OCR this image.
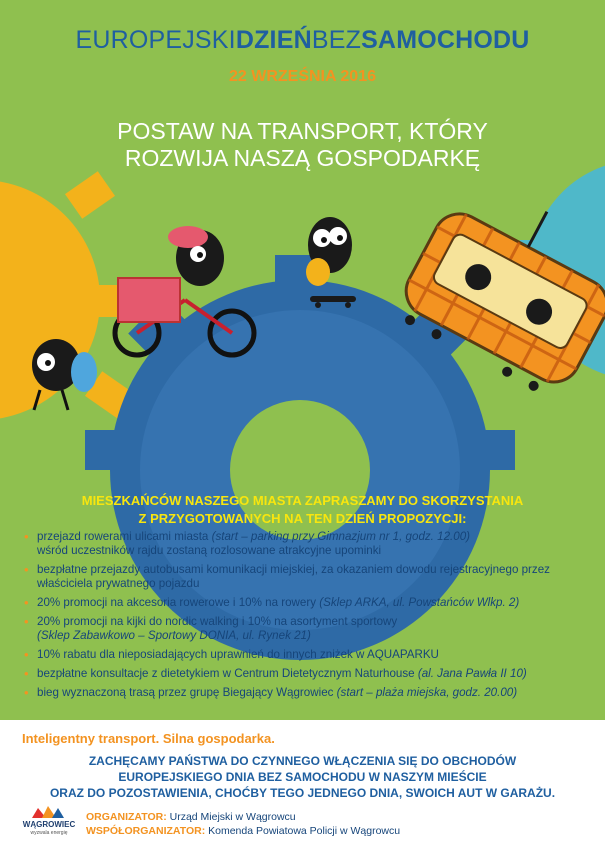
EUROPEJSKIDZIEŃBEZSAMOCHODU
22 WRZEŚNIA 2016
POSTAW NA TRANSPORT, KTÓRY
ROZWIJA NASZĄ GOSPODARKĘ
MIESZKAŃCÓW NASZEGO MIASTA ZAPRASZAMY DO SKORZYSTANIA
Z PRZYGOTOWANYCH NA TEN DZIEŃ PROPOZYCJI:
• przejazd rowerami ulicami miasta (start – parking przy Gimnazjum nr 1, godz. 12.00)
wśród uczestników rajdu zostaną rozlosowane atrakcyjne upominki
• bezpłatne przejazdy autobusami komunikacji miejskiej, za okazaniem dowodu rejestracyjnego przez właściciela prywatnego pojazdu
• 20% promocji na akcesoria rowerowe i 10% na rowery (Sklep ARKA, ul. Powstańców Wlkp. 2)
• 20% promocji na kijki do nordic walking i 10% na asortyment sportowy
(Sklep Zabawkowo – Sportowy DONIA, ul. Rynek 21)
• 10% rabatu dla nieposiadających uprawnień do innych zniżek w AQUAPARKU
• bezpłatne konsultacje z dietetykiem w Centrum Dietetycznym Naturhouse (al. Jana Pawła II 10)
• bieg wyznaczoną trasą przez grupę Biegający Wągrowiec (start – plaża miejska, godz. 20.00)
Inteligentny transport. Silna gospodarka.
ZACHĘCAMY PAŃSTWA DO CZYNNEGO WŁĄCZENIA SIĘ DO OBCHODÓW
EUROPEJSKIEGO DNIA BEZ SAMOCHODU W NASZYM MIEŚCIE
ORAZ DO POZOSTAWIENIA, CHOĆBY TEGO JEDNEGO DNIA, SWOICH AUT W GARAŻU.
WĄGROWIEC
wyzwala energię
ORGANIZATOR: Urząd Miejski w Wągrowcu
WSPÓŁORGANIZATOR: Komenda Powiatowa Policji w Wągrowcu
